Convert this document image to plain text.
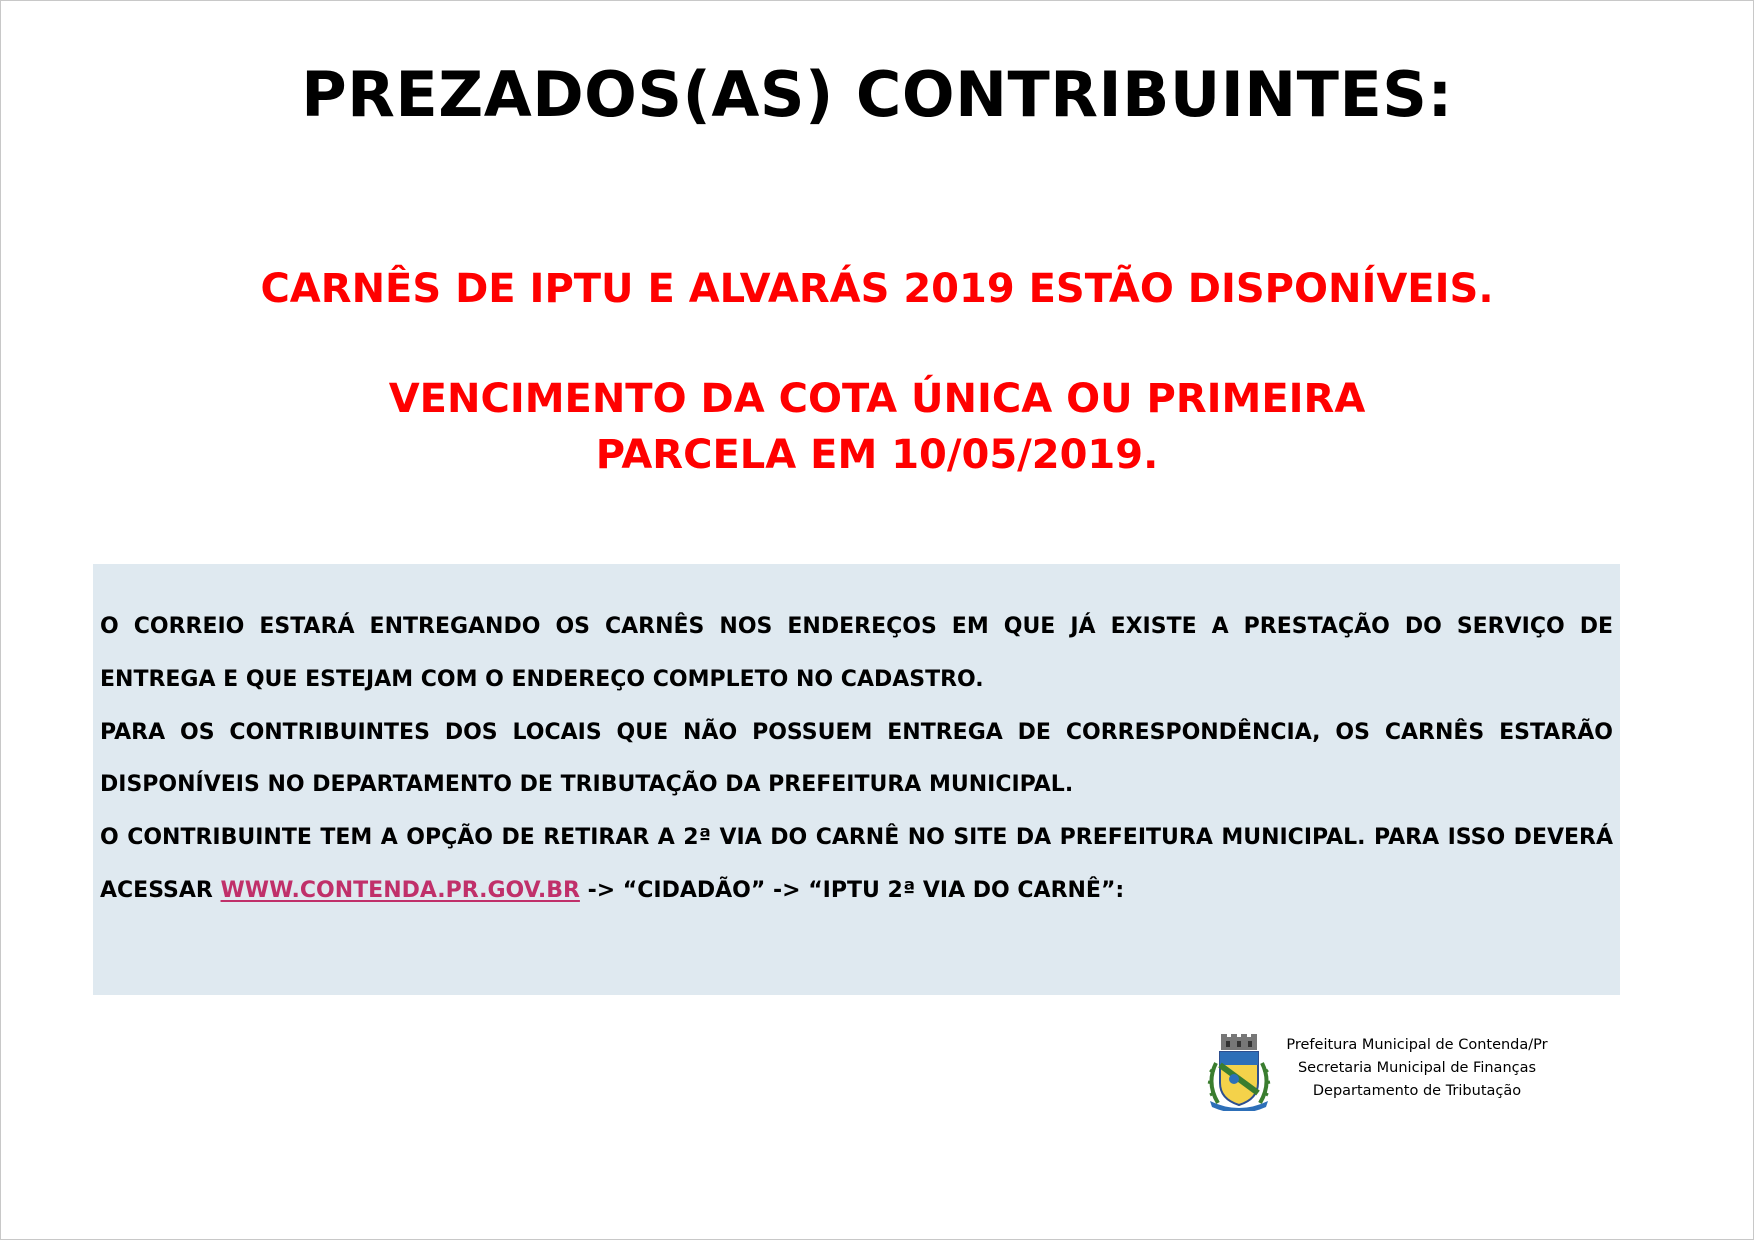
PREZADOS(AS) CONTRIBUINTES:
CARNÊS DE IPTU E ALVARÁS 2019 ESTÃO DISPONÍVEIS.
VENCIMENTO DA COTA ÚNICA OU PRIMEIRA
PARCELA EM 10/05/2019.

O CORREIO ESTARÁ ENTREGANDO OS CARNÊS NOS ENDEREÇOS EM QUE JÁ EXISTE A PRESTAÇÃO DO SERVIÇO DE ENTREGA E QUE ESTEJAM COM O ENDEREÇO COMPLETO NO CADASTRO.

PARA OS CONTRIBUINTES DOS LOCAIS QUE NÃO POSSUEM ENTREGA DE CORRESPONDÊNCIA, OS CARNÊS ESTARÃO DISPONÍVEIS NO DEPARTAMENTO DE TRIBUTAÇÃO DA PREFEITURA MUNICIPAL.

O CONTRIBUINTE TEM A OPÇÃO DE RETIRAR A 2ª VIA DO CARNÊ NO SITE DA PREFEITURA MUNICIPAL. PARA ISSO DEVERÁ ACESSAR WWW.CONTENDA.PR.GOV.BR -> “CIDADÃO” -> “IPTU 2ª VIA DO CARNÊ”:

Prefeitura Municipal de Contenda/Pr
Secretaria Municipal de Finanças
Departamento de Tributação
